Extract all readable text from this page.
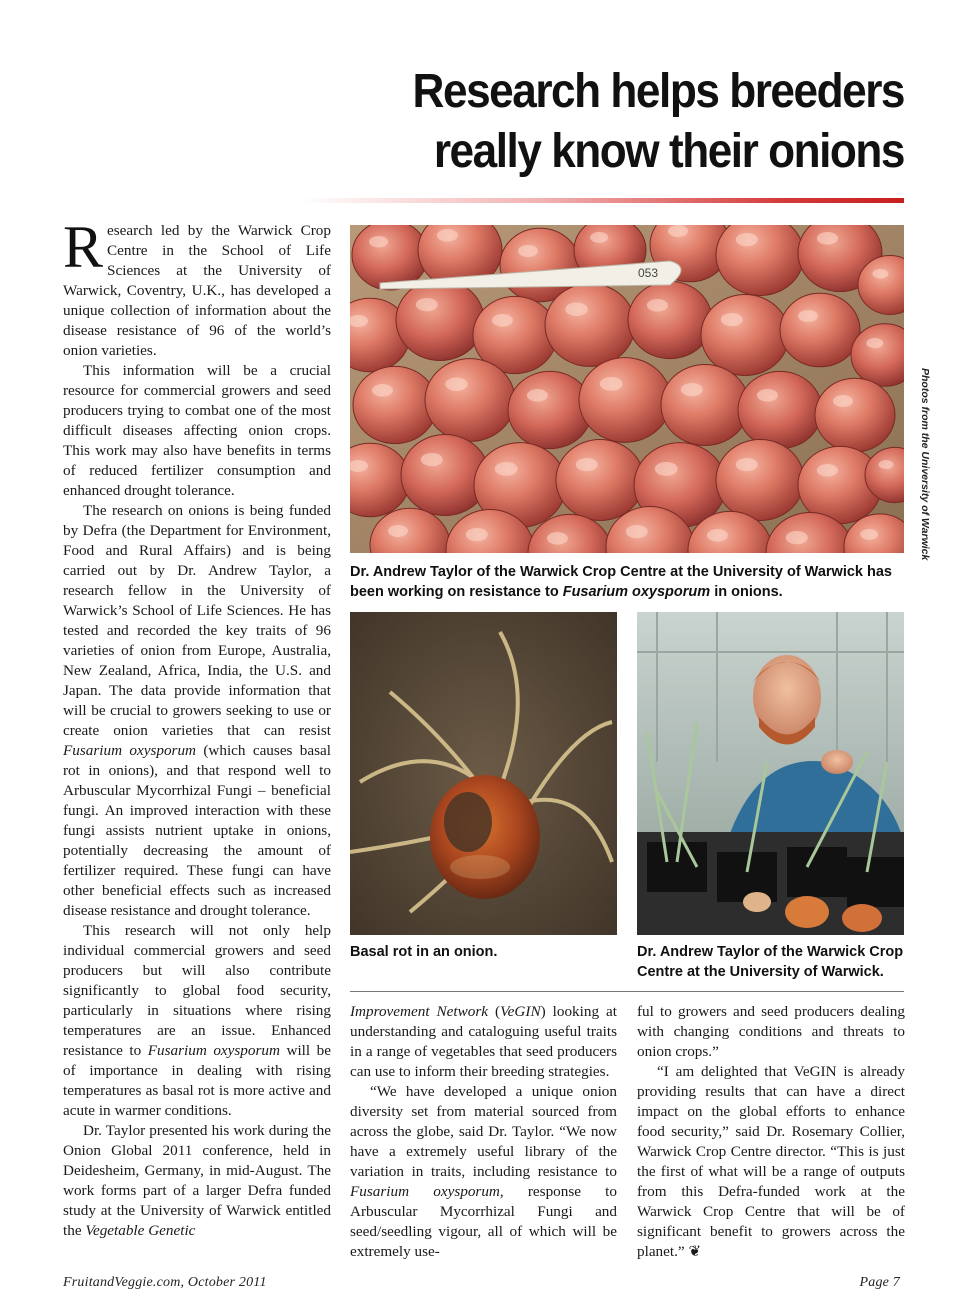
Research helps breeders
really know their onions

Research led by the Warwick Crop Centre in the School of Life Sciences at the University of Warwick, Coventry, U.K., has developed a unique collection of information about the disease resistance of 96 of the world’s onion varieties.

This information will be a crucial resource for commercial growers and seed producers trying to combat one of the most difficult diseases affecting onion crops. This work may also have benefits in terms of reduced fertilizer consumption and enhanced drought tolerance.

The research on onions is being funded by Defra (the Department for Environment, Food and Rural Affairs) and is being carried out by Dr. Andrew Taylor, a research fellow in the University of Warwick’s School of Life Sciences. He has tested and recorded the key traits of 96 varieties of onion from Europe, Australia, New Zealand, Africa, India, the U.S. and Japan. The data provide information that will be crucial to growers seeking to use or create onion varieties that can resist Fusarium oxysporum (which causes basal rot in onions), and that respond well to Arbuscular Mycorrhizal Fungi – beneficial fungi. An improved interaction with these fungi assists nutrient uptake in onions, potentially decreasing the amount of fertilizer required. These fungi can have other beneficial effects such as increased disease resistance and drought tolerance.

This research will not only help individual commercial growers and seed producers but will also contribute significantly to global food security, particularly in situations where rising temperatures are an issue. Enhanced resistance to Fusarium oxysporum will be of importance in dealing with rising temperatures as basal rot is more active and acute in warmer conditions.

Dr. Taylor presented his work during the Onion Global 2011 conference, held in Deidesheim, Germany, in mid-August. The work forms part of a larger Defra funded study at the University of Warwick entitled the Vegetable Genetic

053
Dr. Andrew Taylor of the Warwick Crop Centre at the University of Warwick has been working on resistance to Fusarium oxysporum in onions.
Photos from the University of Warwick
Basal rot in an onion.	Dr. Andrew Taylor of the Warwick Crop Centre at the University of Warwick.

Improvement Network (VeGIN) looking at understanding and cataloguing useful traits in a range of vegetables that seed producers can use to inform their breeding strategies.

“We have developed a unique onion diversity set from material sourced from across the globe, said Dr. Taylor. “We now have a extremely useful library of the variation in traits, including resistance to Fusarium oxysporum, response to Arbuscular Mycorrhizal Fungi and seed/seedling vigour, all of which will be extremely use-

ful to growers and seed producers dealing with changing conditions and threats to onion crops.”

“I am delighted that VeGIN is already providing results that can have a direct impact on the global efforts to enhance food security,” said Dr. Rosemary Collier, Warwick Crop Centre director. “This is just the first of what will be a range of outputs from this Defra-funded work at the Warwick Crop Centre that will be of significant benefit to growers across the planet.” ❦

FruitandVeggie.com, October 2011	Page 7
